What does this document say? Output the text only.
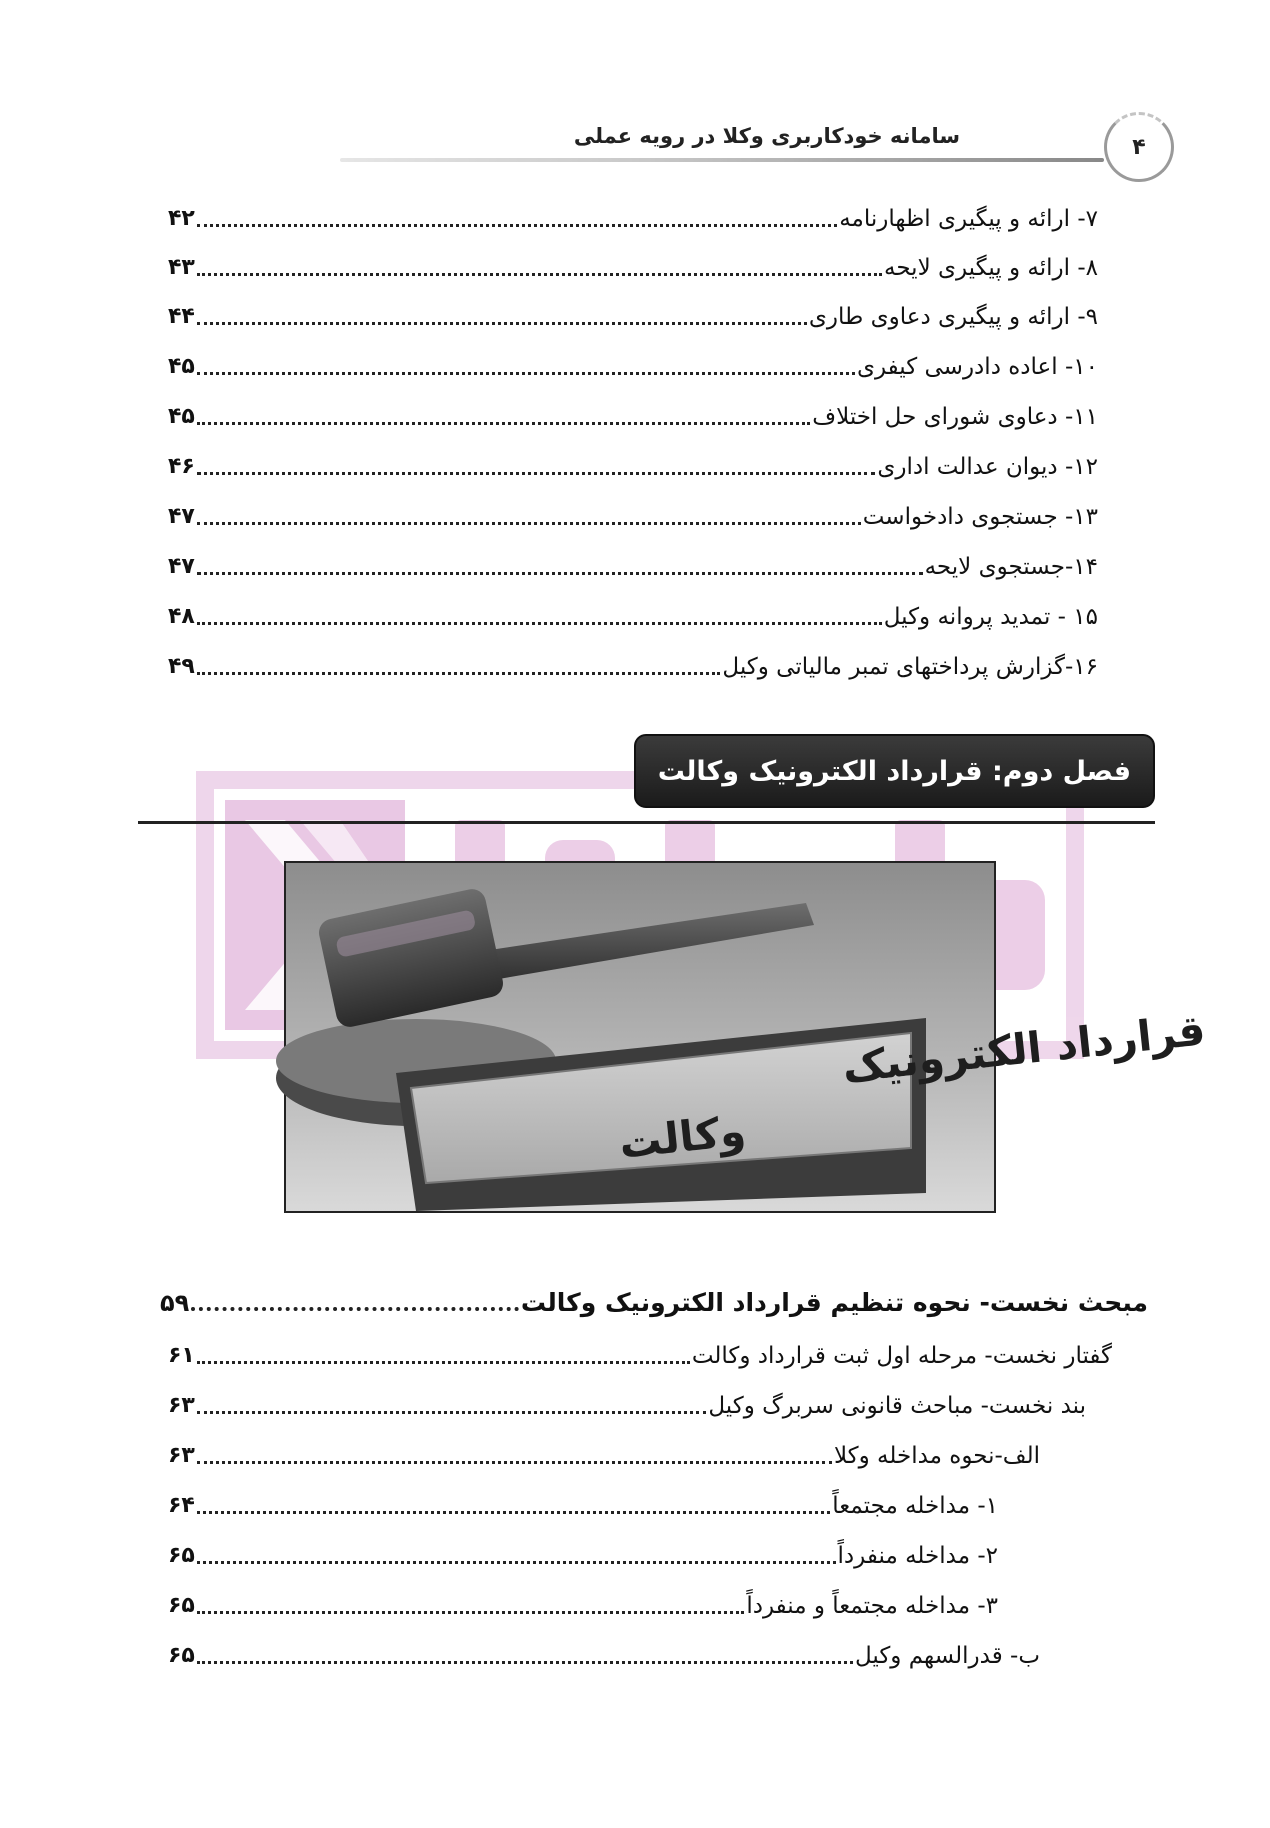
۴
سامانه خودکاربری وکلا در رویه عملی
۷- ارائه و پیگیری اظهارنامه
۴۲
۸- ارائه و پیگیری لایحه
۴۳
۹- ارائه و پیگیری دعاوی طاری
۴۴
۱۰- اعاده دادرسی کیفری
۴۵
۱۱- دعاوی شورای حل اختلاف
۴۵
۱۲- دیوان عدالت اداری
۴۶
۱۳- جستجوی دادخواست
۴۷
۱۴-جستجوی لایحه
۴۷
۱۵ - تمدید پروانه وکیل
۴۸
۱۶-گزارش پرداختهای تمبر مالیاتی وکیل
۴۹
فصل دوم: قرارداد الکترونیک وکالت
قرارداد الکترونیک
وکالت
مبحث نخست- نحوه تنظیم قرارداد الکترونیک وکالت
۵۹
گفتار نخست- مرحله اول ثبت قرارداد وکالت
۶۱
بند نخست- مباحث قانونی سربرگ وکیل
۶۳
الف-نحوه مداخله وکلا
۶۳
۱- مداخله مجتمعاً
۶۴
۲- مداخله منفرداً
۶۵
۳- مداخله مجتمعاً و منفرداً
۶۵
ب- قدرالسهم وکیل
۶۵
